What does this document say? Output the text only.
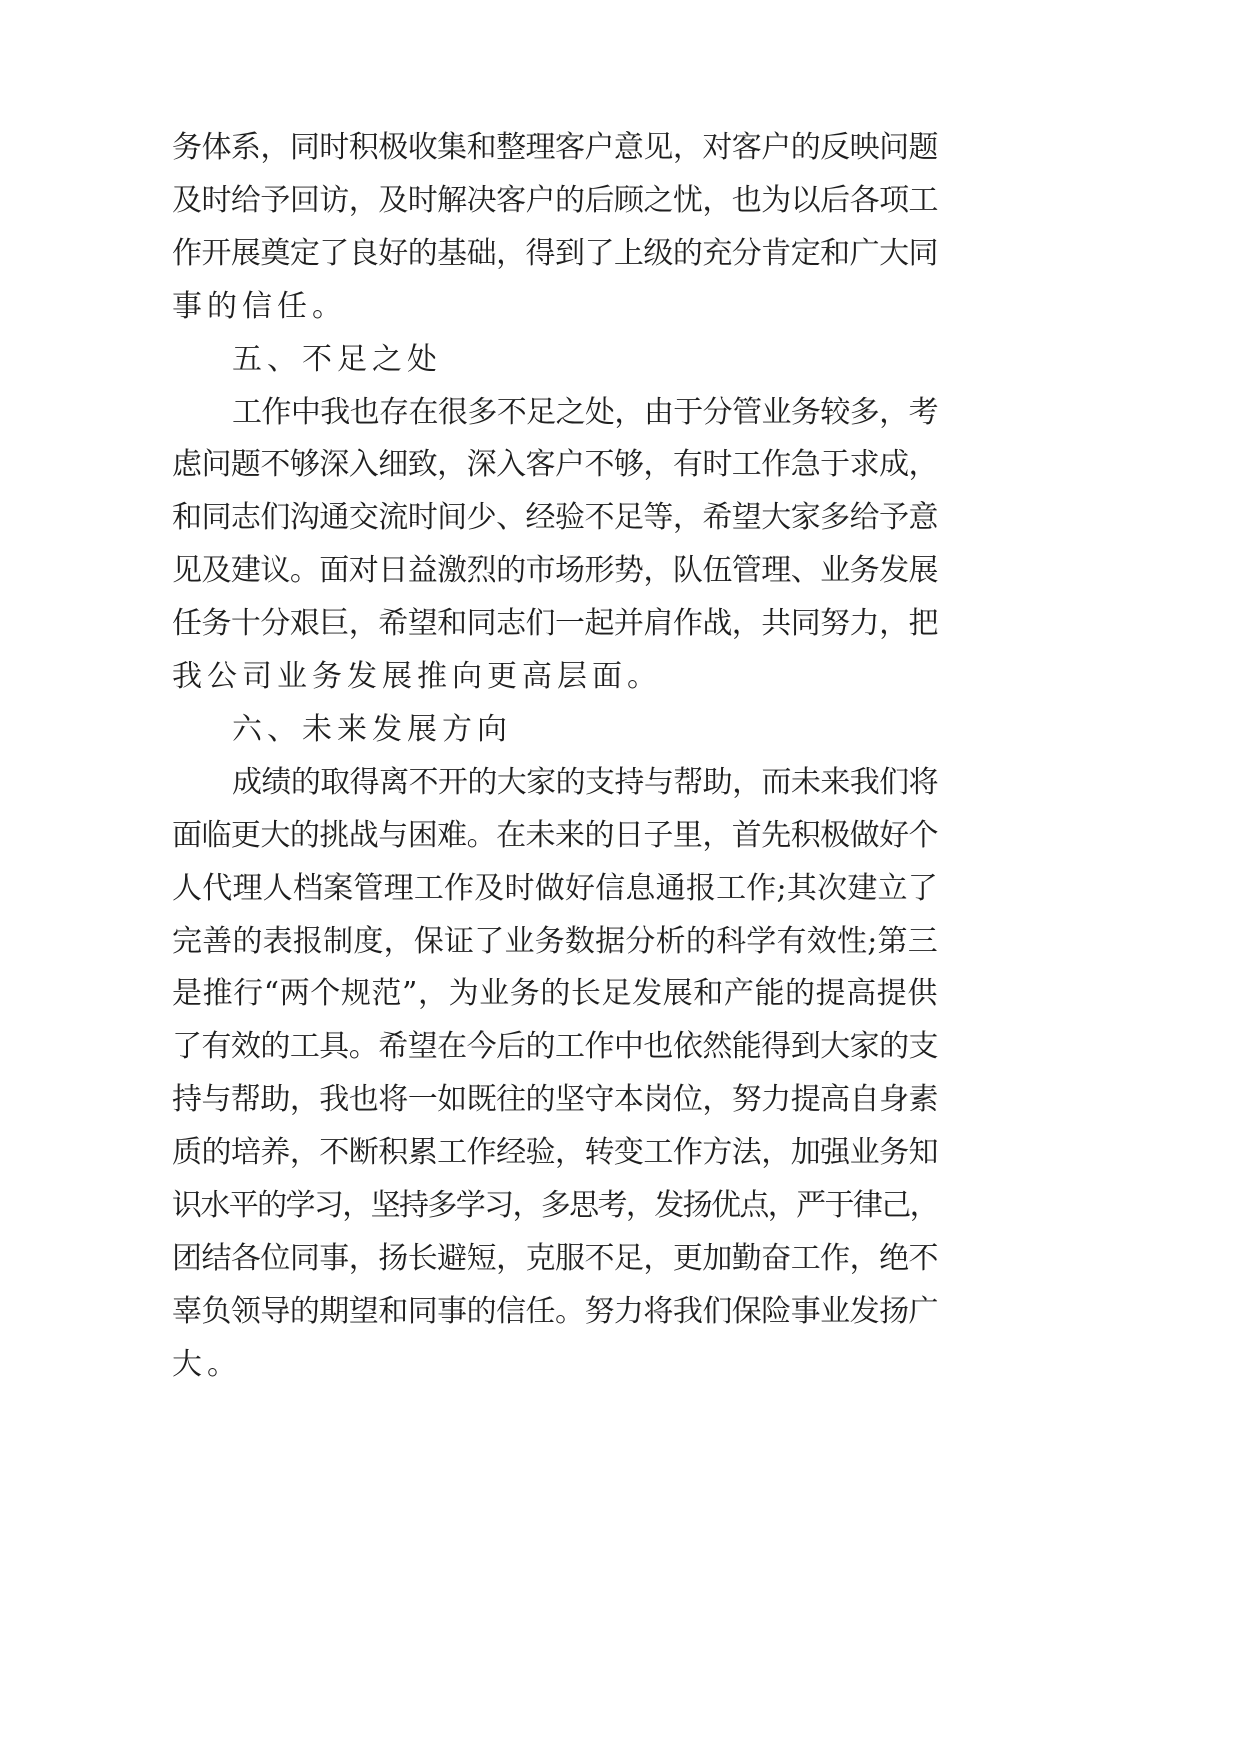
务体系，同时积极收集和整理客户意见，对客户的反映问题

及时给予回访，及时解决客户的后顾之忧，也为以后各项工

作开展奠定了良好的基础，得到了上级的充分肯定和广大同

事的信任。

五、不足之处

工作中我也存在很多不足之处，由于分管业务较多，考

虑问题不够深入细致，深入客户不够，有时工作急于求成，

和同志们沟通交流时间少、经验不足等，希望大家多给予意

见及建议。面对日益激烈的市场形势，队伍管理、业务发展

任务十分艰巨，希望和同志们一起并肩作战，共同努力，把

我公司业务发展推向更高层面。

六、未来发展方向

成绩的取得离不开的大家的支持与帮助，而未来我们将

面临更大的挑战与困难。在未来的日子里，首先积极做好个

人代理人档案管理工作及时做好信息通报工作;其次建立了

完善的表报制度，保证了业务数据分析的科学有效性;第三

是推行“两个规范”，为业务的长足发展和产能的提高提供

了有效的工具。希望在今后的工作中也依然能得到大家的支

持与帮助，我也将一如既往的坚守本岗位，努力提高自身素

质的培养，不断积累工作经验，转变工作方法，加强业务知

识水平的学习，坚持多学习，多思考，发扬优点，严于律己，

团结各位同事，扬长避短，克服不足，更加勤奋工作，绝不

辜负领导的期望和同事的信任。努力将我们保险事业发扬广

大。
